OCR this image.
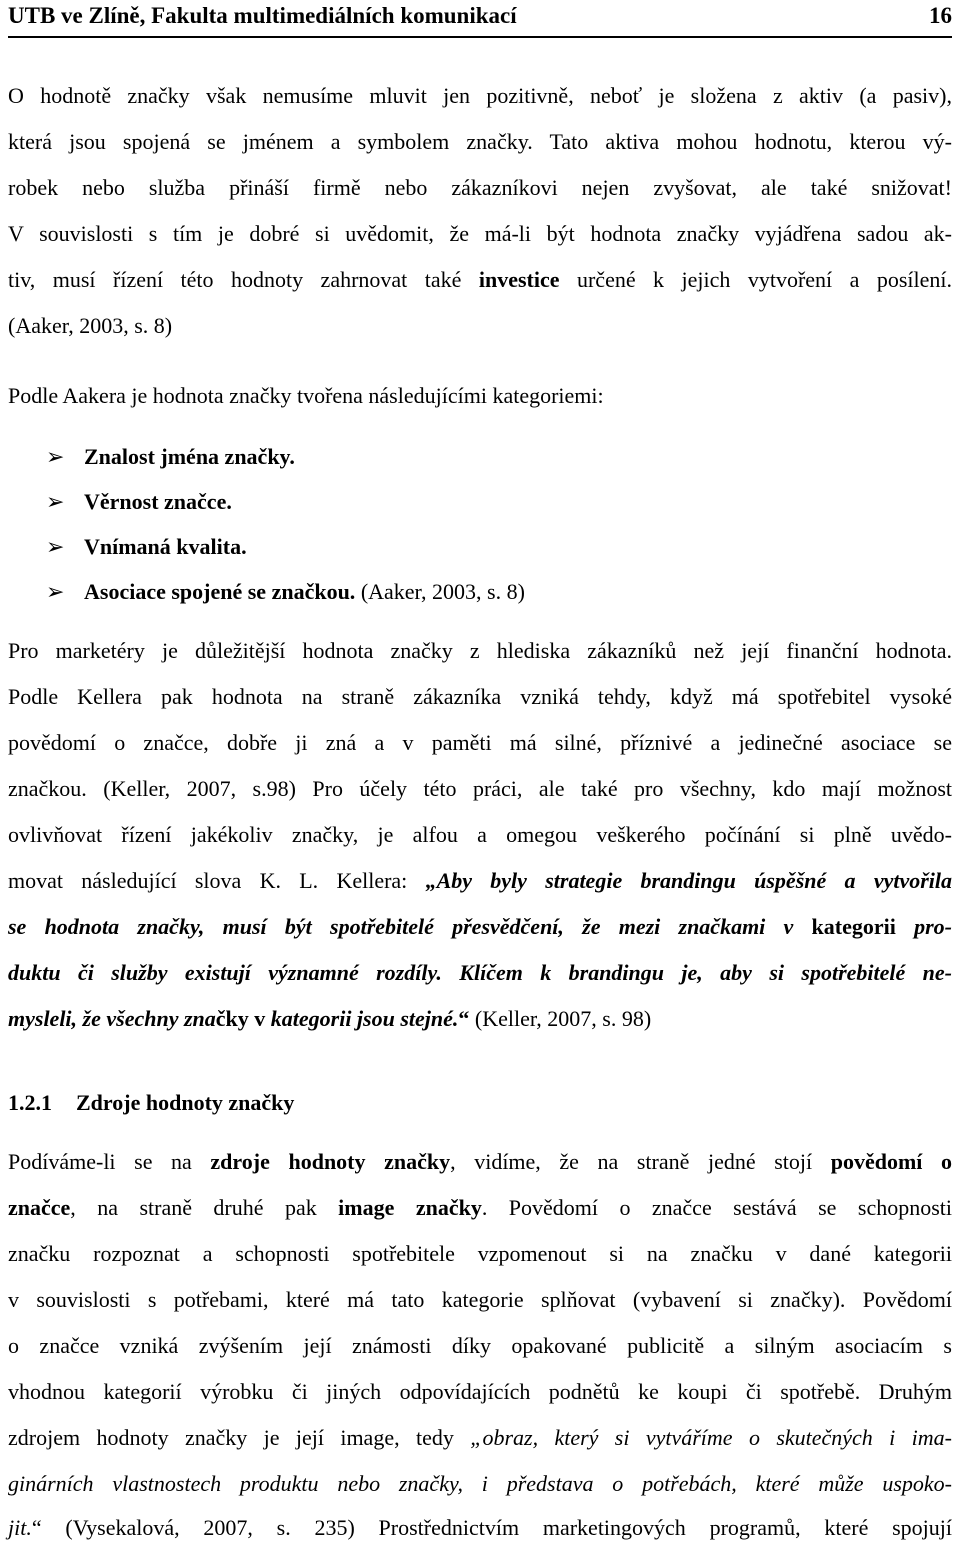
UTB ve Zlíně, Fakulta multimediálních komunikací	16
O hodnotě značky však nemusíme mluvit jen pozitivně, neboť je složena z aktiv (a pasiv),
která jsou spojená se jménem a symbolem značky. Tato aktiva mohou hodnotu, kterou vý-
robek nebo služba přináší firmě nebo zákazníkovi nejen zvyšovat, ale také snižovat!
V souvislosti s tím je dobré si uvědomit, že má-li být hodnota značky vyjádřena sadou ak-
tiv, musí řízení této hodnoty zahrnovat také investice určené k jejich vytvoření a posílení.
(Aaker, 2003, s. 8)
Podle Aakera je hodnota značky tvořena následujícími kategoriemi:
➢ Znalost jména značky.
➢ Věrnost značce.
➢ Vnímaná kvalita.
➢ Asociace spojené se značkou. (Aaker, 2003, s. 8)
Pro marketéry je důležitější hodnota značky z hlediska zákazníků než její finanční hodnota.
Podle Kellera pak hodnota na straně zákazníka vzniká tehdy, když má spotřebitel vysoké
povědomí o značce, dobře ji zná a v paměti má silné, příznivé a jedinečné asociace se
značkou. (Keller, 2007, s.98) Pro účely této práci, ale také pro všechny, kdo mají možnost
ovlivňovat řízení jakékoliv značky, je alfou a omegou veškerého počínání si plně uvědo-
movat následující slova K. L. Kellera: „Aby byly strategie brandingu úspěšné a vytvořila
se hodnota značky, musí být spotřebitelé přesvědčení, že mezi značkami v kategorii pro-
duktu či služby existují významné rozdíly. Klíčem k brandingu je, aby si spotřebitelé ne-
mysleli, že všechny značky v kategorii jsou stejné.“ (Keller, 2007, s. 98)
1.2.1 Zdroje hodnoty značky
Podíváme-li se na zdroje hodnoty značky, vidíme, že na straně jedné stojí povědomí o
značce, na straně druhé pak image značky. Povědomí o značce sestává se schopnosti
značku rozpoznat a schopnosti spotřebitele vzpomenout si na značku v dané kategorii
v souvislosti s potřebami, které má tato kategorie splňovat (vybavení si značky). Povědomí
o značce vzniká zvýšením její známosti díky opakované publicitě a silným asociacím s
vhodnou kategorií výrobku či jiných odpovídajících podnětů ke koupi či spotřebě. Druhým
zdrojem hodnoty značky je její image, tedy „obraz, který si vytváříme o skutečných i ima-
ginárních vlastnostech produktu nebo značky, i představa o potřebách, které může uspoko-
jit.“ (Vysekalová, 2007, s. 235) Prostřednictvím marketingových programů, které spojují
